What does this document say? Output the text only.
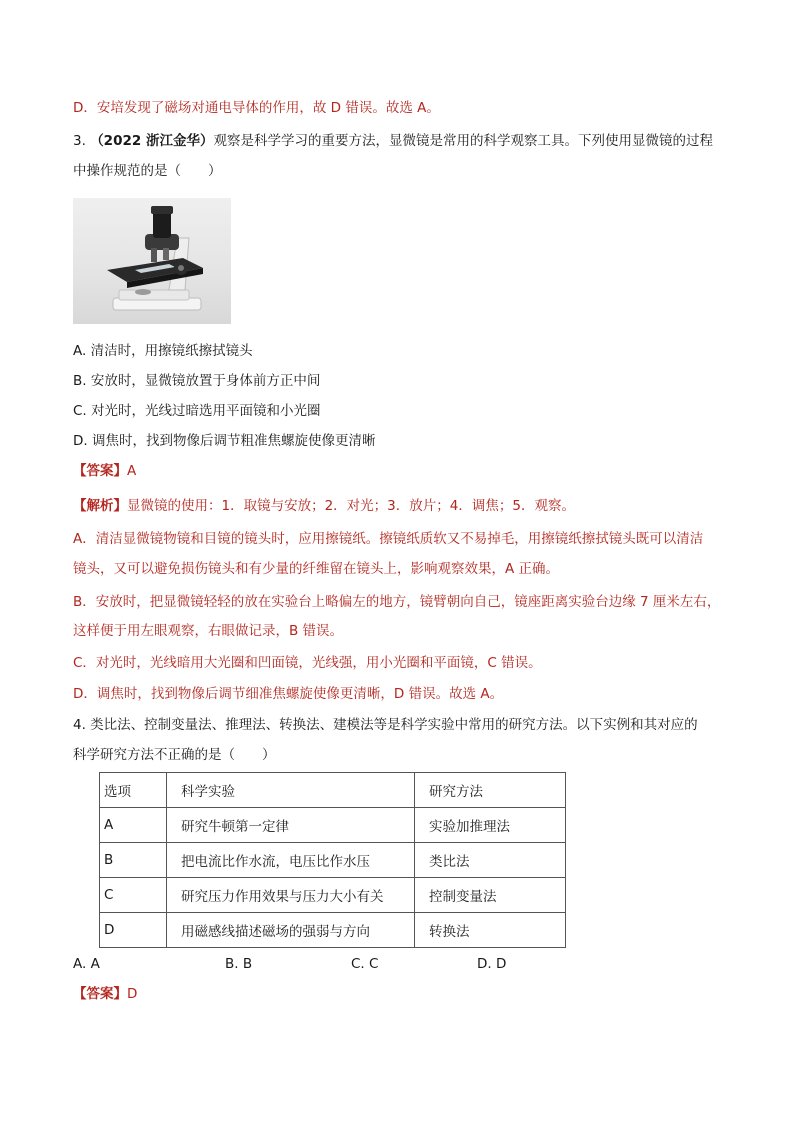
D．安培发现了磁场对通电导体的作用，故 D 错误。故选 A。

3. （2022 浙江金华）观察是科学学习的重要方法，显微镜是常用的科学观察工具。下列使用显微镜的过程

中操作规范的是（　　）

A. 清洁时，用擦镜纸擦拭镜头

B. 安放时，显微镜放置于身体前方正中间

C. 对光时，光线过暗选用平面镜和小光圈

D. 调焦时，找到物像后调节粗准焦螺旋使像更清晰

【答案】A

【解析】显微镜的使用：1．取镜与安放；2．对光；3．放片；4．调焦；5．观察。

A．清洁显微镜物镜和目镜的镜头时，应用擦镜纸。擦镜纸质软又不易掉毛，用擦镜纸擦拭镜头既可以清洁

镜头，又可以避免损伤镜头和有少量的纤维留在镜头上，影响观察效果，A 正确。

B．安放时，把显微镜轻轻的放在实验台上略偏左的地方，镜臂朝向自己，镜座距离实验台边缘 7 厘米左右，

这样便于用左眼观察，右眼做记录，B 错误。

C．对光时，光线暗用大光圈和凹面镜，光线强，用小光圈和平面镜，C 错误。

D．调焦时，找到物像后调节细准焦螺旋使像更清晰，D 错误。故选 A。

4. 类比法、控制变量法、推理法、转换法、建模法等是科学实验中常用的研究方法。以下实例和其对应的

科学研究方法不正确的是（　　）

选项	科学实验	研究方法
A	研究牛顿第一定律	实验加推理法
B	把电流比作水流，电压比作水压	类比法
C	研究压力作用效果与压力大小有关	控制变量法
D	用磁感线描述磁场的强弱与方向	转换法

A. A	B. B	C. C	D. D

【答案】D
